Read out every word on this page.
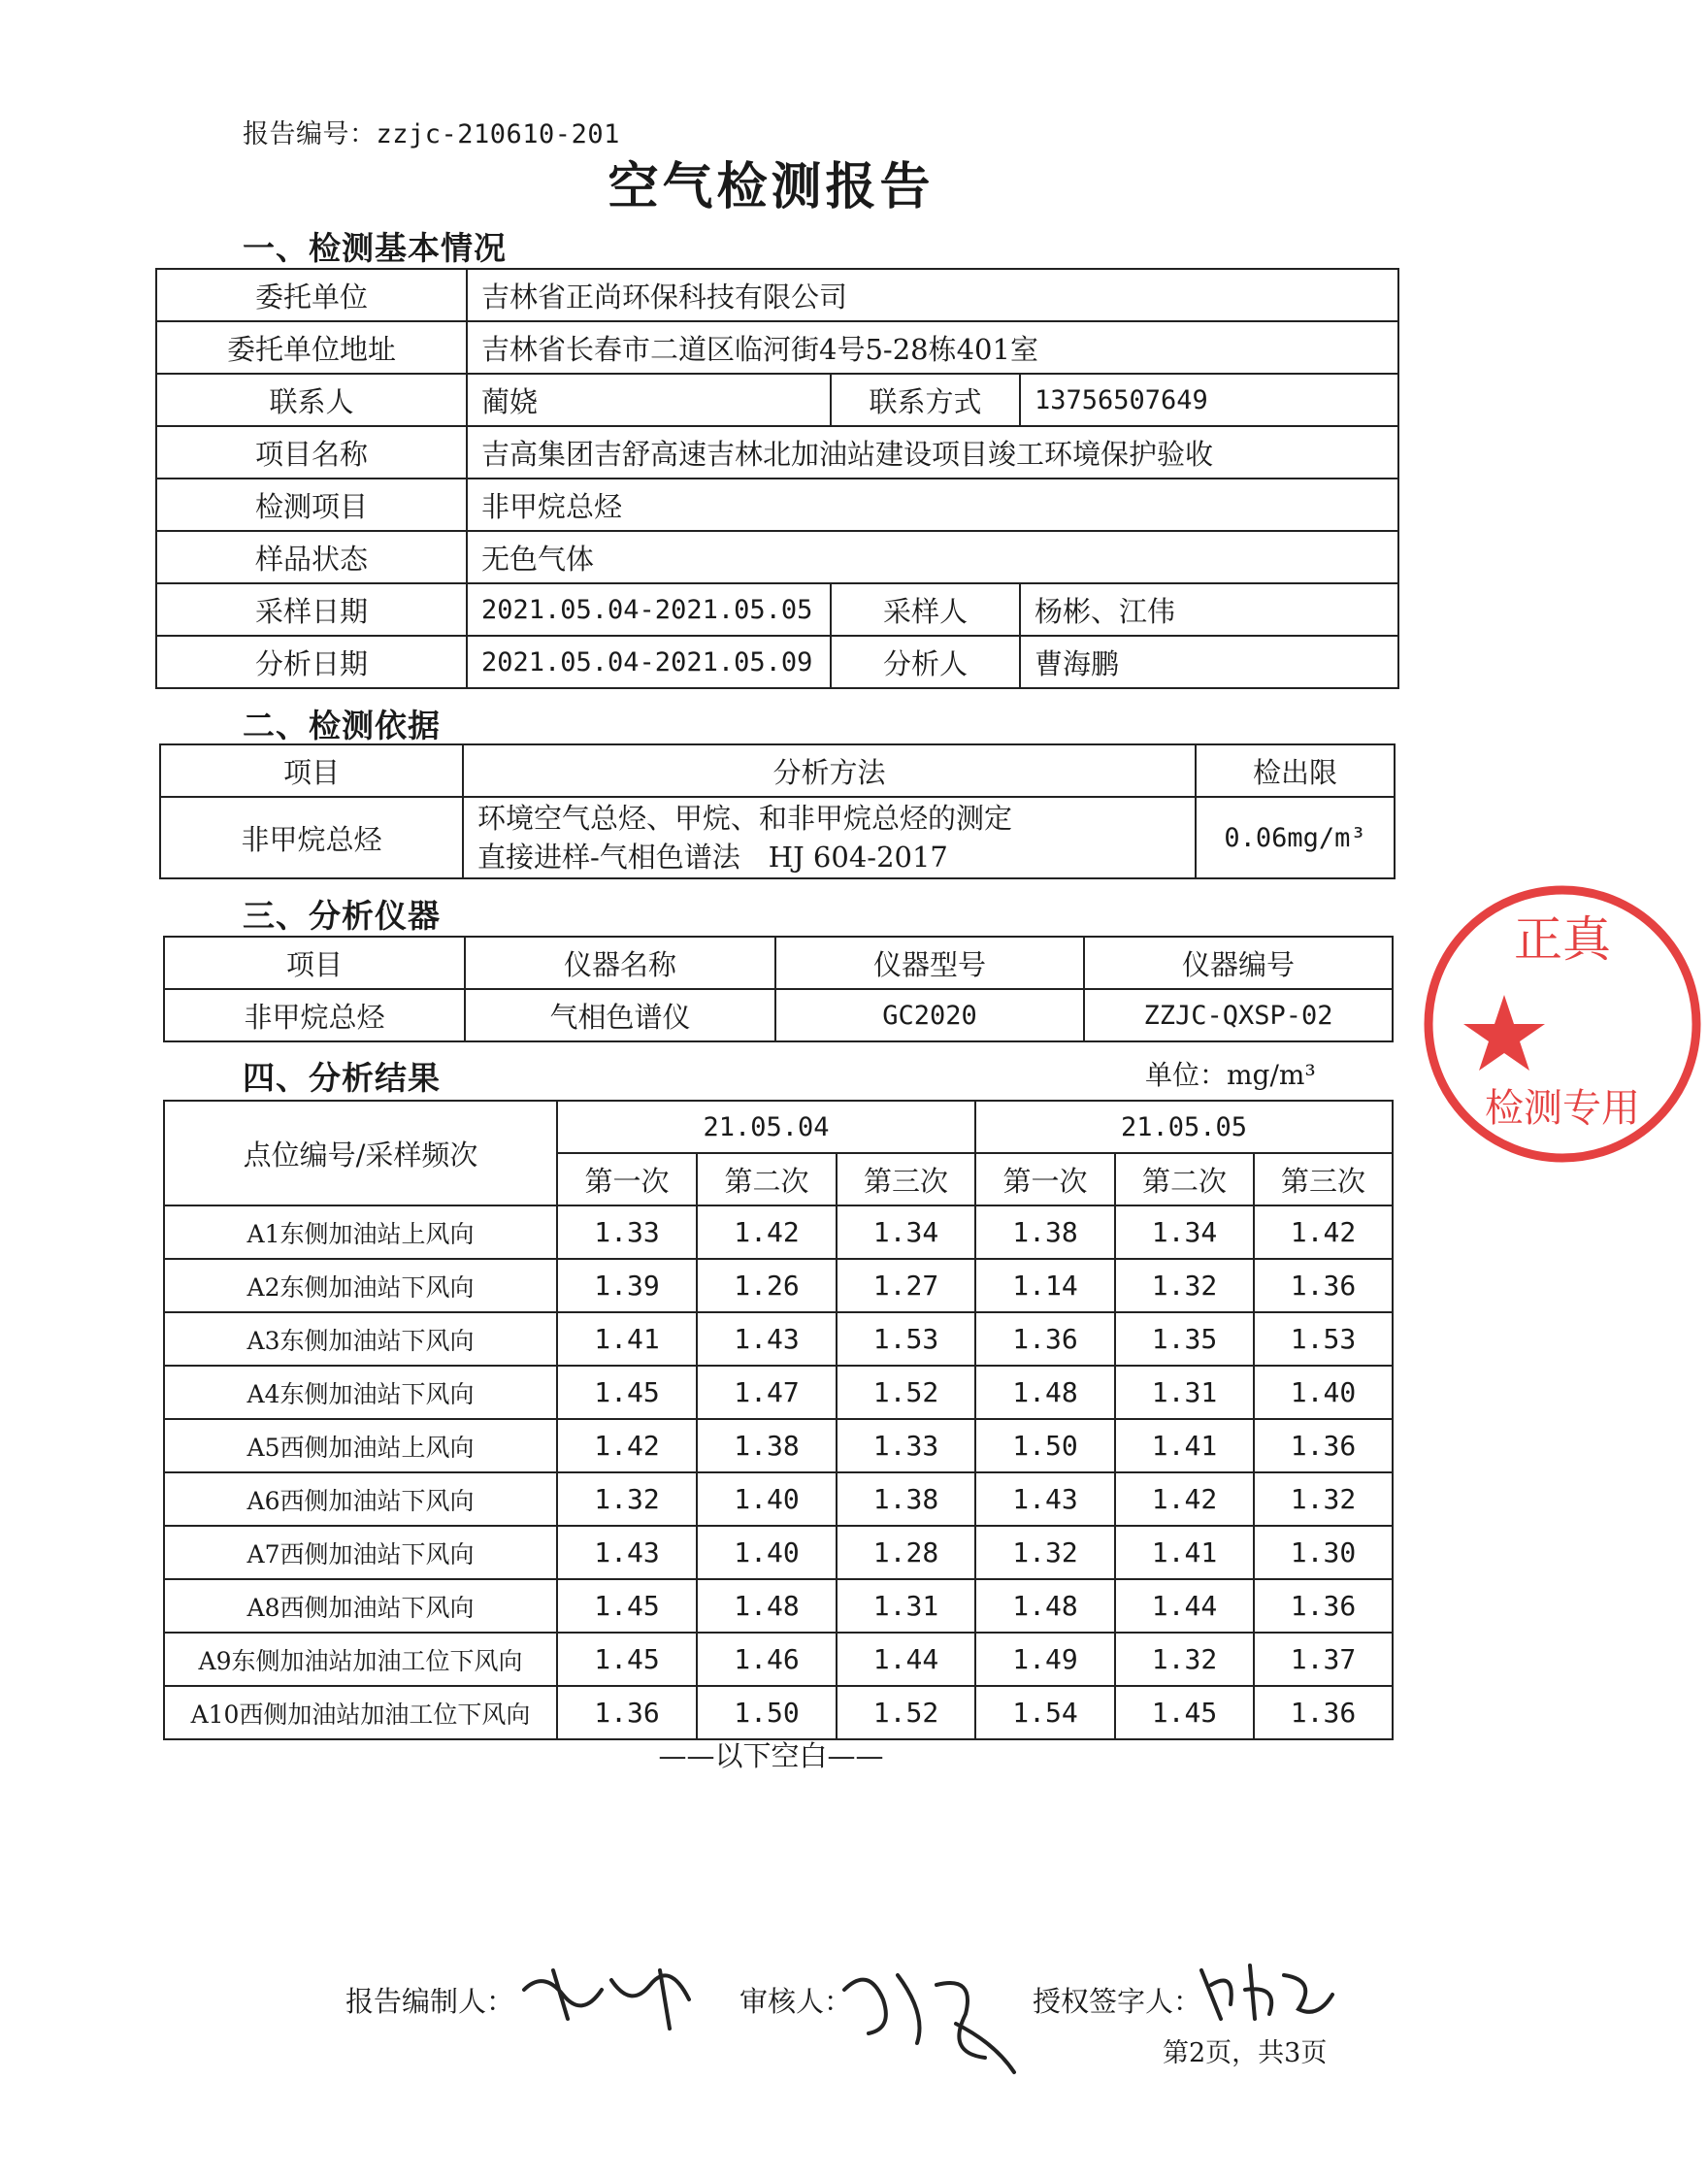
报告编号：zzjc-210610-201
空气检测报告
一、检测基本情况
委托单位	吉林省正尚环保科技有限公司		
委托单位地址	吉林省长春市二道区临河街4号5-28栋401室		
联系人	蔺娆	联系方式	13756507649
项目名称	吉高集团吉舒高速吉林北加油站建设项目竣工环境保护验收		
检测项目	非甲烷总烃		
样品状态	无色气体		
采样日期	2021.05.04-2021.05.05	采样人	杨彬、江伟
分析日期	2021.05.04-2021.05.09	分析人	曹海鹏
二、检测依据
项目	分析方法	检出限
非甲烷总烃	环境空气总烃、甲烷、和非甲烷总烃的测定
直接进样-气相色谱法　HJ 604-2017	0.06mg/m³
三、分析仪器
项目	仪器名称	仪器型号	仪器编号
非甲烷总烃	气相色谱仪	GC2020	ZZJC-QXSP-02
四、分析结果	单位：mg/m³
点位编号/采样频次	21.05.04			21.05.05		
	第一次	第二次	第三次	第一次	第二次	第三次
A1东侧加油站上风向	1.33	1.42	1.34	1.38	1.34	1.42
A2东侧加油站下风向	1.39	1.26	1.27	1.14	1.32	1.36
A3东侧加油站下风向	1.41	1.43	1.53	1.36	1.35	1.53
A4东侧加油站下风向	1.45	1.47	1.52	1.48	1.31	1.40
A5西侧加油站上风向	1.42	1.38	1.33	1.50	1.41	1.36
A6西侧加油站下风向	1.32	1.40	1.38	1.43	1.42	1.32
A7西侧加油站下风向	1.43	1.40	1.28	1.32	1.41	1.30
A8西侧加油站下风向	1.45	1.48	1.31	1.48	1.44	1.36
A9东侧加油站加油工位下风向	1.45	1.46	1.44	1.49	1.32	1.37
A10西侧加油站加油工位下风向	1.36	1.50	1.52	1.54	1.45	1.36
——以下空白——
正真
检测专用
报告编制人：	审核人：	授权签字人：
第2页，共3页
